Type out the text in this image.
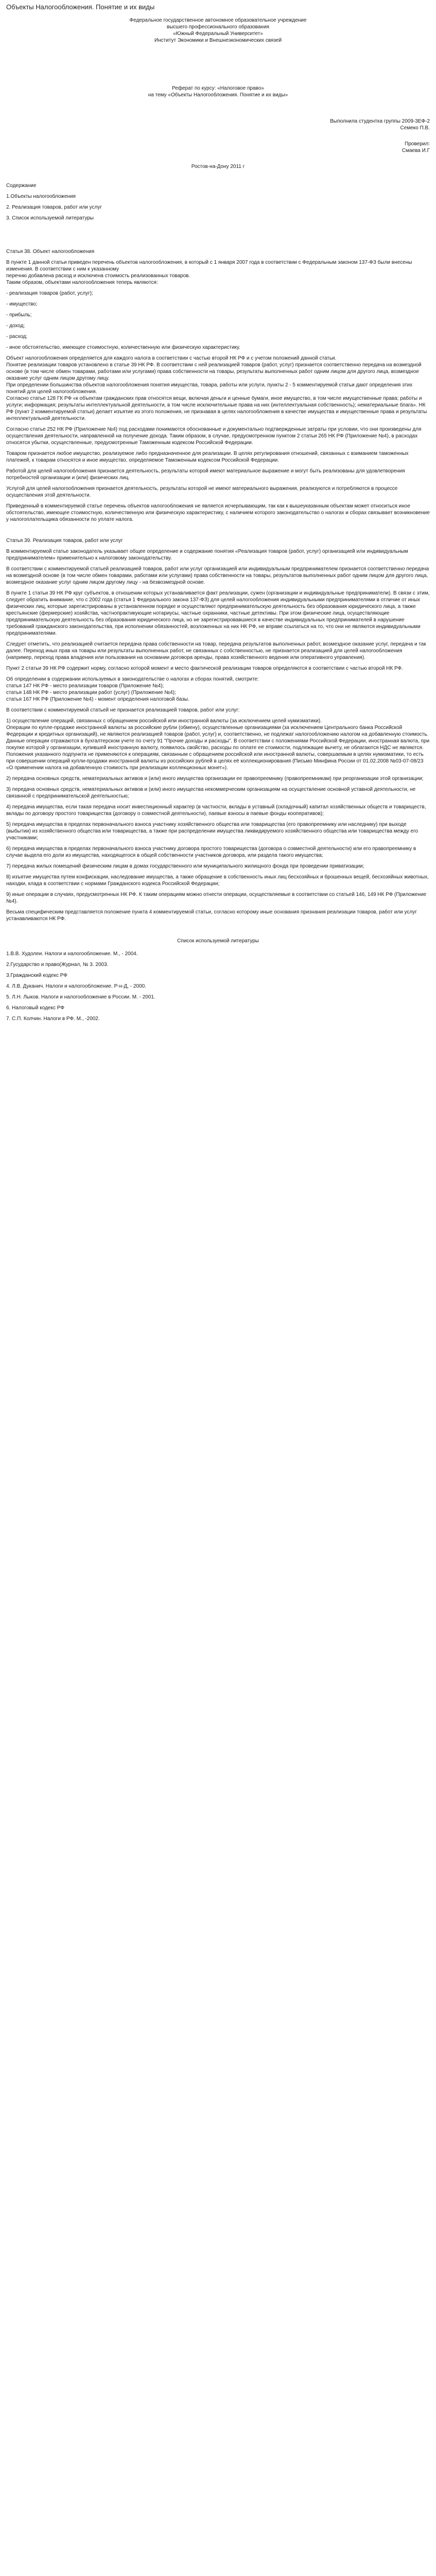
Объекты Налогообложения. Понятие и их виды
Федеральное государственное автономное образовательное учреждение
высшего профессионального образования
«Южный Федеральный Университет»
Институт Экономики и Внешнеэкономических связей
Реферат по курсу: «Налоговое право»
на тему «Объекты Налогообложения. Понятие и их виды»
Выполнила студентка группы 2009-3ЕФ-2
Семеко П.В.
Проверил:
Смаева И.Г
Ростов-на-Дону 2011 г
Содержание
1.Объекты налогообложения
2. Реализация товаров, работ или услуг
3. Список используемой литературы
Статья 38. Объект налогообложения
В пункте 1 данной статьи приведен перечень объектов налогообложения, в который с 1 января 2007 года в соответствии с Федеральным законом 137-ФЗ были внесены изменения. В соответствии с ним к указанному
перечню добавлена расход и исключена стоимость реализованных товаров.
Таким образом, объектами налогообложения теперь являются:
- реализация товаров (работ, услуг);
- имущество;
- прибыль;
- доход;
- расход;
- иное обстоятельство, имеющее стоимостную, количественную или физическую характеристику.
Объект налогообложения определяется для каждого налога в соответствии с частью второй НК РФ и с учетом положений данной статьи.
Понятие реализации товаров установлено в статье 39 НК РФ. В соответствии с ней реализацией товаров (работ, услуг) признается соответственно передача на возмездной основе (в том числе обмен товарами, работами или услугами) права собственности на товары, результаты выполненных работ одним лицом для другого лица, возмездное оказание услуг одним лицом другому лицу.
При определении большинства объектов налогообложения понятия имущества, товара, работы или услуги, пункты 2 - 5 комментируемой статьи дают определения этих понятий для целей налогообложения.
Согласно статье 128 ГК РФ «к объектам гражданских прав относятся вещи, включая деньги и ценные бумаги, иное имущество, в том числе имущественные права; работы и услуги; информация; результаты интеллектуальной деятельности, в том числе исключительные права на них (интеллектуальная собственность); нематериальные блага». НК РФ (пункт 2 комментируемой статьи) делает изъятие из этого положения, не признавая в целях налогообложения в качестве имущества и имущественные права и результаты интеллектуальной деятельности.
Согласно статье 252 НК РФ (Приложение №4) под расходами понимаются обоснованные и документально подтвержденные затраты при условии, что они произведены для осуществления деятельности, направленной на получение дохода. Таким образом, в случае, предусмотренном пунктом 2 статьи 265 НК РФ (Приложение №4), в расходах относятся убытки, осуществленные, предусмотренные Таможенным кодексом Российской Федерации.
Товаром признается любое имущество, реализуемое либо предназначенное для реализации. В целях регулирования отношений, связанных с взиманием таможенных платежей, к товарам относятся и иное имущество, определяемое Таможенным кодексом Российской Федерации.
Работой для целей налогообложения признается деятельность, результаты которой имеют материальное выражение и могут быть реализованы для удовлетворения потребностей организации и (или) физических лиц.
Услугой для целей налогообложения признается деятельность, результаты которой не имеют материального выражения, реализуются и потребляются в процессе осуществления этой деятельности.
Приведенный в комментируемой статье перечень объектов налогообложения не является исчерпывающим, так как к вышеуказанным объектам может относиться иное обстоятельство, имеющее стоимостную, количественную или физическую характеристику, с наличием которого законодательство о налогах и сборах связывает возникновение у налогоплательщика обязанности по уплате налога.
Статья 39. Реализация товаров, работ или услуг
В комментируемой статье законодатель указывает общее определение и содержание понятия «Реализация товаров (работ, услуг) организацией или индивидуальным предпринимателем» применительно к налоговому законодательству.
В соответствии с комментируемой статьей реализацией товаров, работ или услуг организацией или индивидуальным предпринимателем признается соответственно передача на возмездной основе (в том числе обмен товарами, работами или услугами) права собственности на товары, результатов выполненных работ одним лицом для другого лица, возмездное оказание услуг одним лицом другому лицу - на безвозмездной основе.
В пункте 1 статьи 39 НК РФ круг субъектов, в отношении которых устанавливается факт реализации, сужен (организации и индивидуальные предприниматели). В связи с этим, следует обратить внимание, что с 2002 года (статья 1 Федерального закона 137-ФЗ) для целей налогообложения индивидуальными предпринимателями в отличие от иных физических лиц, которые зарегистрированы в установленном порядке и осуществляют предпринимательскую деятельность без образования юридического лица, а также крестьянские (фермерские) хозяйства, частнопрактикующие нотариусы, частные охранники, частные детективы. При этом физические лица, осуществляющие предпринимательскую деятельность без образования юридического лица, но не зарегистрировавшиеся в качестве индивидуальных предпринимателей в нарушение требований гражданского законодательства, при исполнении обязанностей, возложенных на них НК РФ, не вправе ссылаться на то, что они не являются индивидуальными предпринимателями.
Следует отметить, что реализацией считается передача права собственности на товар, передача результатов выполненных работ, возмездное оказание услуг, передача и так далее. Переход иных прав на товары или результаты выполненных работ, не связанных с собственностью, не признается реализацией для целей налогообложения (например, переход права владения или пользования на основании договора аренды, права хозяйственного ведения или оперативного управления).
Пункт 2 статьи 39 НК РФ содержит норму, согласно которой момент и место фактической реализации товаров определяются в соответствии с частью второй НК РФ.
Об определении в содержании используемых в законодательстве о налогах и сборах понятий, смотрите:
статья 147 НК РФ - место реализации товаров (Приложение №4);
статья 148 НК РФ - место реализации работ (услуг) (Приложение №4);
статья 167 НК РФ (Приложение №4) - момент определения налоговой базы.
В соответствии с комментируемой статьей не признается реализацией товаров, работ или услуг:
1) осуществление операций, связанных с обращением российской или иностранной валюты (за исключением целей нумизматики).
Операции по купле-продаже иностранной валюты за российские рубли (обмену), осуществленные организациями (за исключением Центрального банка Российской Федерации и кредитных организаций), не являются реализацией товаров (работ, услуг) и, соответственно, не подлежат налогообложению налогом на добавленную стоимость. Данные операции отражаются в бухгалтерском учете по счету 91 "Прочие доходы и расходы". В соответствии с положениями Российской Федерации, иностранная валюта, при покупке которой у организации, купившей иностранную валюту, появилось свойство, расходы по оплате ее стоимости, подлежащие вычету, не облагаются НДС не являются. Положения указанного подпункта не применяются к операциям, связанным с обращением российской или иностранной валюты, совершаемым в целях нумизматики, то есть при совершении операций купли-продажи иностранной валюты из российских рублей в целях её коллекционирования (Письмо Минфина России от 01.02.2008 №03-07-08/23 «О применении налога на добавленную стоимость при реализации коллекционных монет»).
2) передача основных средств, нематериальных активов и (или) иного имущества организации ее правопреемнику (правопреемникам) при реорганизации этой организации;
3) передача основных средств, нематериальных активов и (или) иного имущества некоммерческим организациям на осуществление основной уставной деятельности, не связанной с предпринимательской деятельностью;
4) передача имущества, если такая передача носит инвестиционный характер (в частности, вклады в уставный (складочный) капитал хозяйственных обществ и товариществ, вклады по договору простого товарищества (договору о совместной деятельности), паевые взносы в паевые фонды кооперативов);
5) передача имущества в пределах первоначального взноса участнику хозяйственного общества или товарищества (его правопреемнику или наследнику) при выходе (выбытии) из хозяйственного общества или товарищества, а также при распределении имущества ликвидируемого хозяйственного общества или товарищества между его участниками;
6) передача имущества в пределах первоначального взноса участнику договора простого товарищества (договора о совместной деятельности) или его правопреемнику в случае выдела его доли из имущества, находящегося в общей собственности участников договора, или раздела такого имущества;
7) передача жилых помещений физическим лицам в домах государственного или муниципального жилищного фонда при проведении приватизации;
8) изъятие имущества путем конфискации, наследование имущества, а также обращение в собственность иных лиц бесхозяйных и брошенных вещей, бесхозяйных животных, находки, клада в соответствии с нормами Гражданского кодекса Российской Федерации;
9) иные операции в случаях, предусмотренных НК РФ. К таким операциям можно отнести операции, осуществляемые в соответствии со статьей 146, 149 НК РФ (Приложение №4).
Весьма специфическим представляется положение пункта 4 комментируемой статьи, согласно которому иные основания признания реализации товаров, работ или услуг устанавливаются НК РФ.
Список используемой литературы
1.В.В. Худолеи. Налоги и налогообложение. М., - 2004.
2.Гусударство и право(Журнал, № 3. 2003.
3.Гражданский кодекс РФ
4. Л.В. Дуканич. Налоги и налогообложение. Р-н-Д, - 2000.
5. Л.Н. Лыков. Налоги и налогообложение в России. М. - 2001.
6. Налоговый кодекс РФ
7. С.П. Колчин. Налоги в РФ. М., -2002.
